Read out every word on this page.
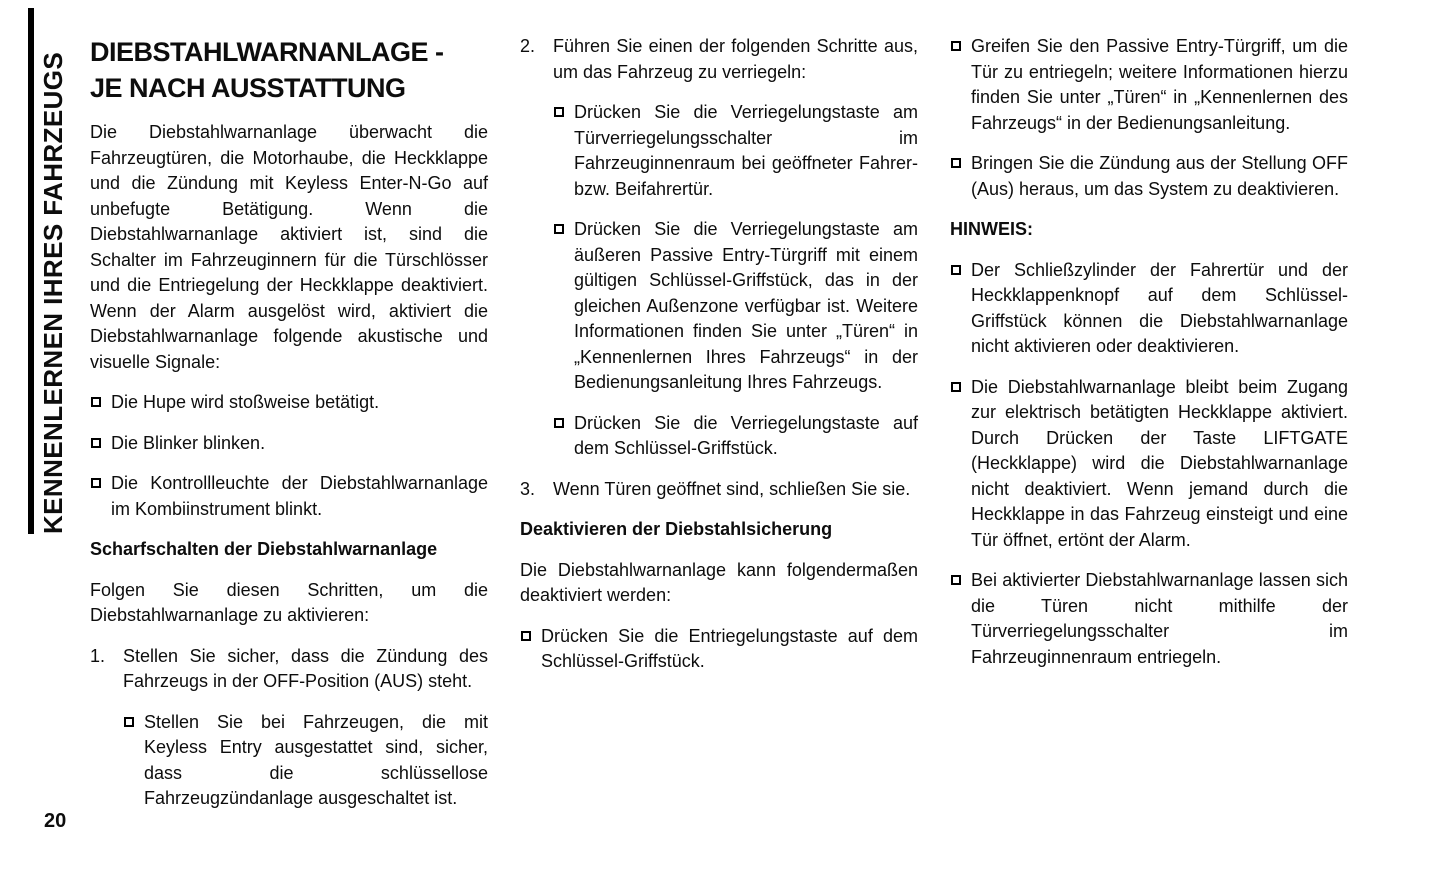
KENNENLERNEN IHRES FAHRZEUGS
20
DIEBSTAHLWARNANLAGE -
JE NACH AUSSTATTUNG

Die Diebstahlwarnanlage überwacht die Fahrzeugtüren, die Motorhaube, die Heckklappe und die Zündung mit Keyless Enter-N-Go auf unbefugte Betätigung. Wenn die Diebstahlwarnanlage aktiviert ist, sind die Schalter im Fahrzeuginnern für die Türschlösser und die Entriegelung der Heckklappe deaktiviert. Wenn der Alarm ausgelöst wird, aktiviert die Diebstahlwarnanlage folgende akustische und visuelle Signale:

Die Hupe wird stoßweise betätigt.
Die Blinker blinken.
Die Kontrollleuchte der Diebstahlwarnanlage im Kombiinstrument blinkt.
Scharfschalten der Diebstahlwarnanlage

Folgen Sie diesen Schritten, um die Diebstahlwarnanlage zu aktivieren:

1. Stellen Sie sicher, dass die Zündung des Fahrzeugs in der OFF-Position (AUS) steht.
Stellen Sie bei Fahrzeugen, die mit Keyless Entry ausgestattet sind, sicher, dass die schlüssellose Fahrzeugzündanlage ausgeschaltet ist.
2. Führen Sie einen der folgenden Schritte aus, um das Fahrzeug zu verriegeln:
Drücken Sie die Verriegelungstaste am Türverriegelungsschalter im Fahrzeuginnenraum bei geöffneter Fahrer- bzw. Beifahrertür.
Drücken Sie die Verriegelungstaste am äußeren Passive Entry-Türgriff mit einem gültigen Schlüssel-Griffstück, das in der gleichen Außenzone verfügbar ist. Weitere Informationen finden Sie unter „Türen“ in „Kennenlernen Ihres Fahrzeugs“ in der Bedienungsanleitung Ihres Fahrzeugs.
Drücken Sie die Verriegelungstaste auf dem Schlüssel-Griffstück.
3. Wenn Türen geöffnet sind, schließen Sie sie.
Deaktivieren der Diebstahlsicherung

Die Diebstahlwarnanlage kann folgendermaßen deaktiviert werden:

Drücken Sie die Entriegelungstaste auf dem Schlüssel-Griffstück.
Greifen Sie den Passive Entry-Türgriff, um die Tür zu entriegeln; weitere Informationen hierzu finden Sie unter „Türen“ in „Kennenlernen des Fahrzeugs“ in der Bedienungsanleitung.
Bringen Sie die Zündung aus der Stellung OFF (Aus) heraus, um das System zu deaktivieren.
HINWEIS:
Der Schließzylinder der Fahrertür und der Heckklappenknopf auf dem Schlüssel-Griffstück können die Diebstahlwarnanlage nicht aktivieren oder deaktivieren.
Die Diebstahlwarnanlage bleibt beim Zugang zur elektrisch betätigten Heckklappe aktiviert. Durch Drücken der Taste LIFTGATE (Heckklappe) wird die Diebstahlwarnanlage nicht deaktiviert. Wenn jemand durch die Heckklappe in das Fahrzeug einsteigt und eine Tür öffnet, ertönt der Alarm.
Bei aktivierter Diebstahlwarnanlage lassen sich die Türen nicht mithilfe der Türverriegelungsschalter im Fahrzeuginnenraum entriegeln.
